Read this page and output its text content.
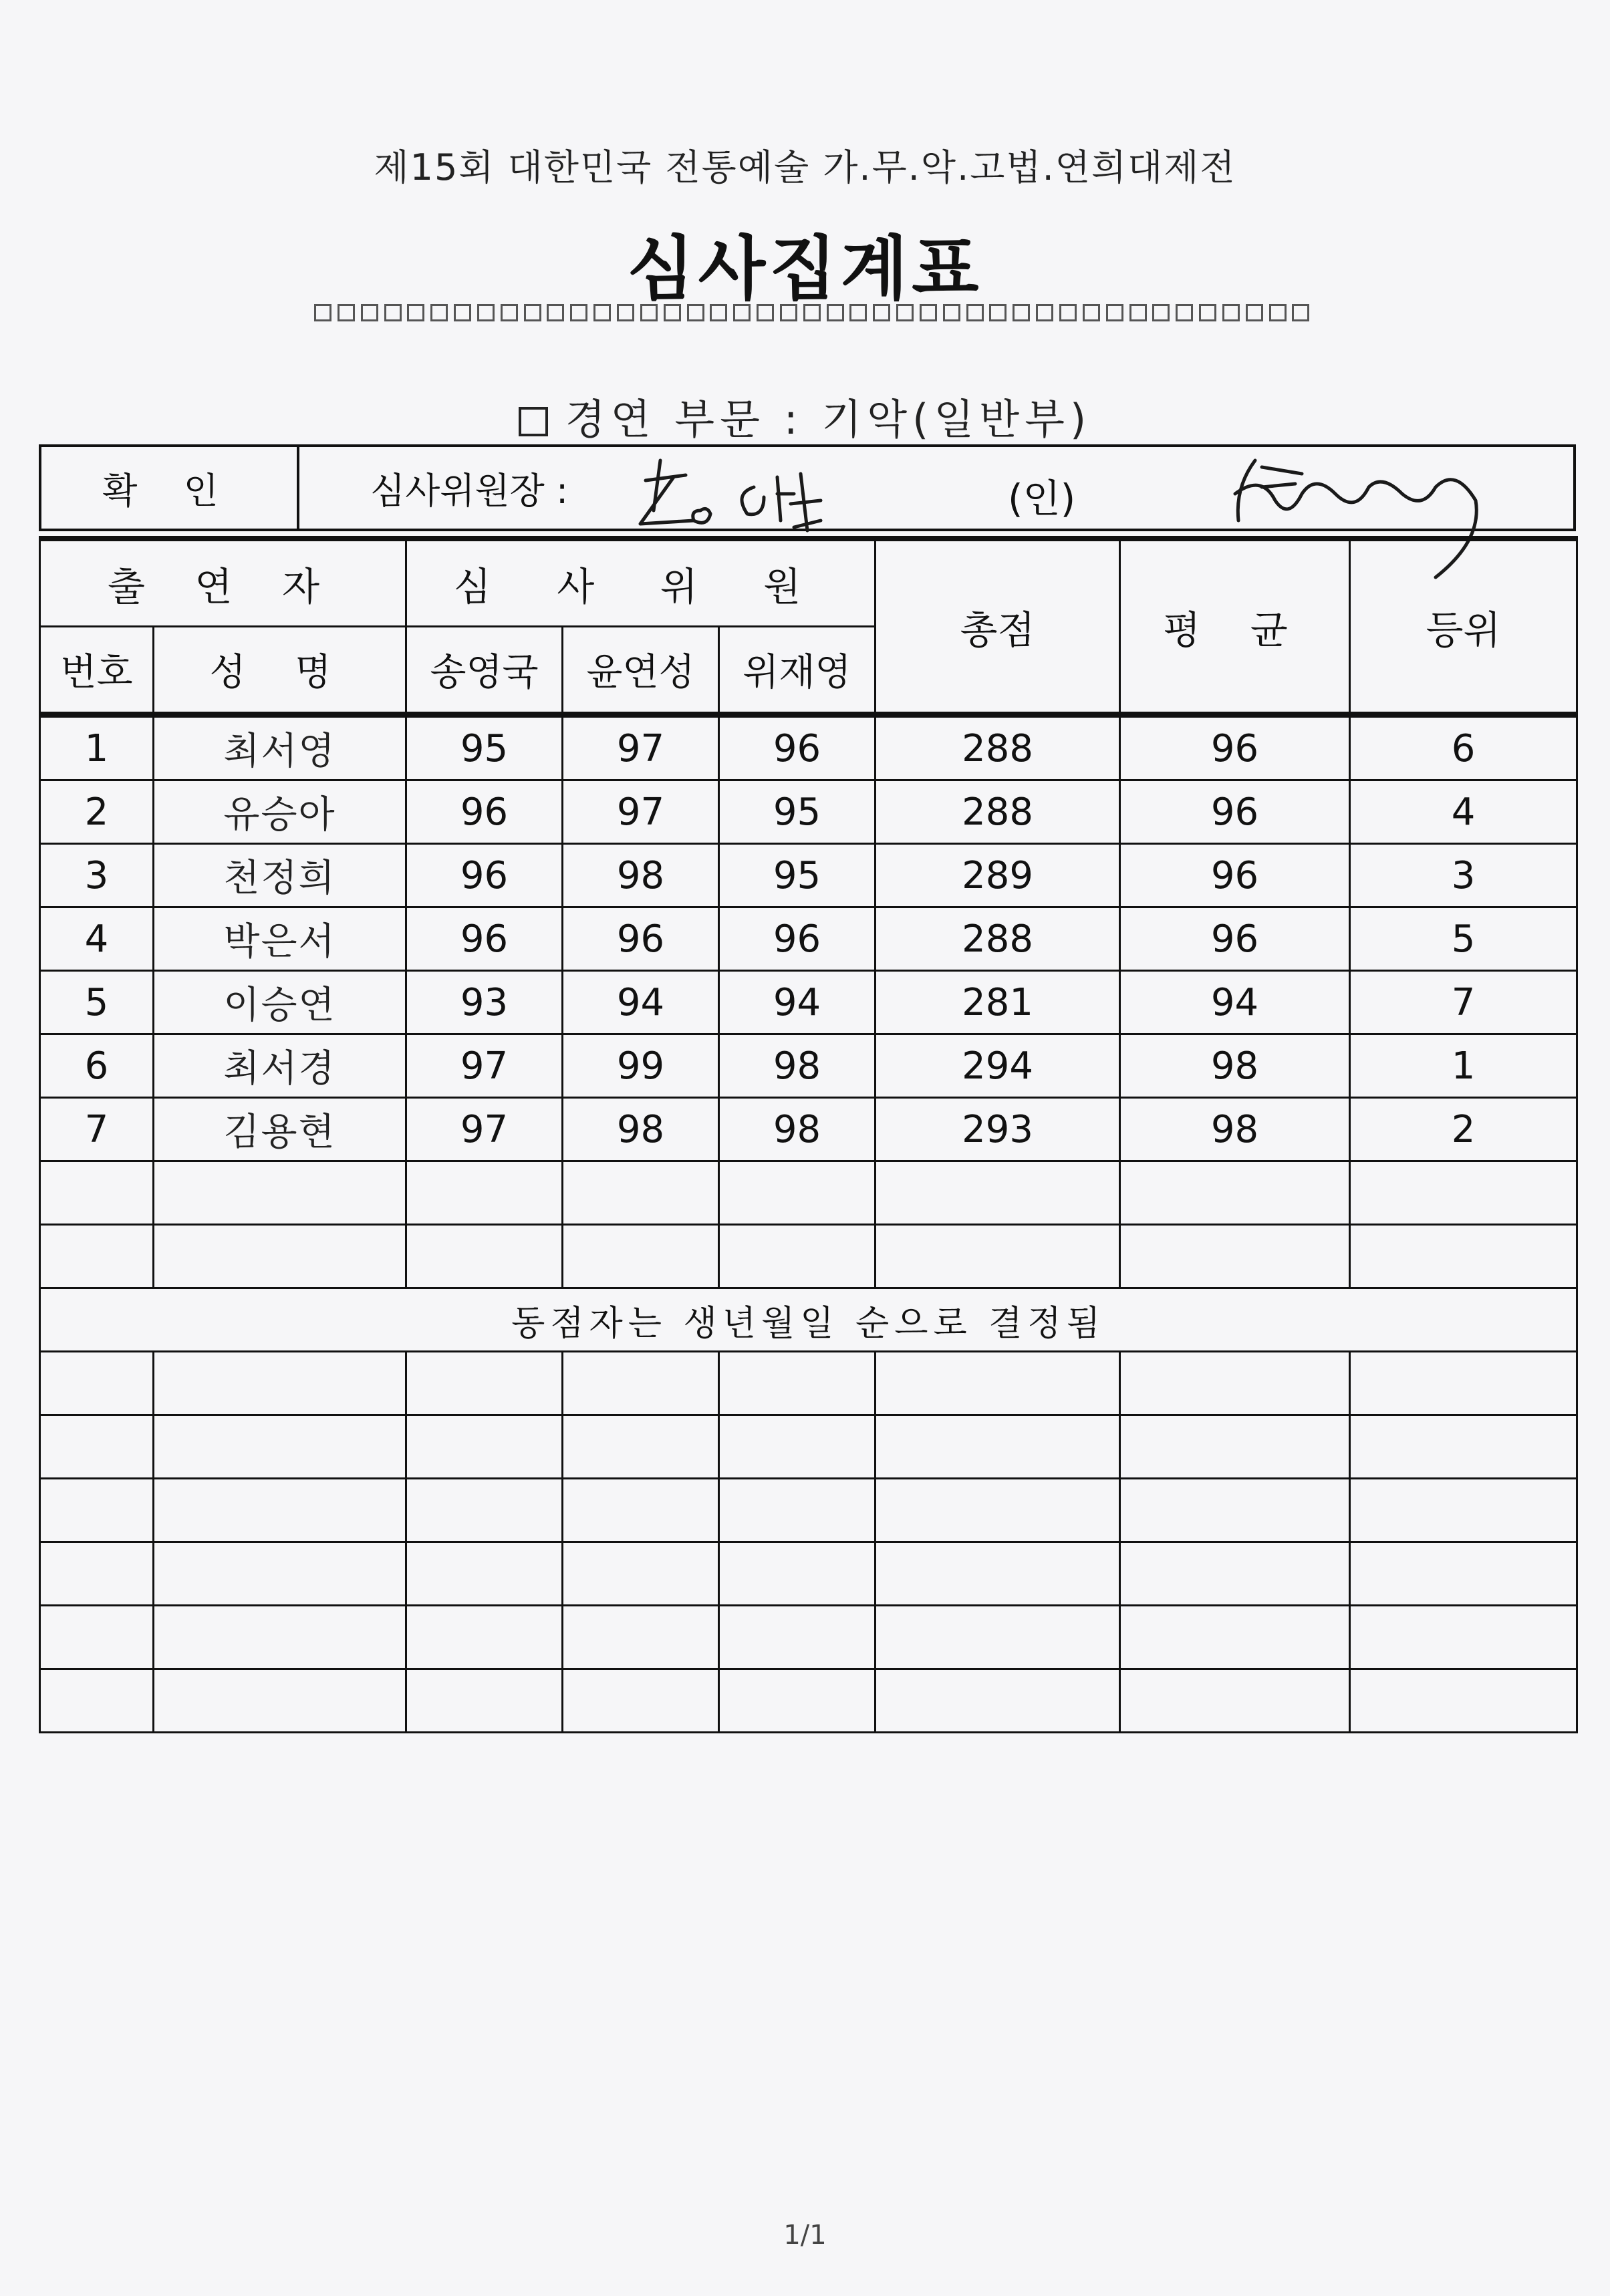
제15회 대한민국 전통예술 가.무.악.고법.연희대제전
심사집계표
경연 부문 : 기악(일반부)
확 인	심사위원장 :	(인)
출 연 자		심 사 위 원			총점	평 균	등위
번호	성 명	송영국	윤연성	위재영			
1	최서영	95	97	96	288	96	6
2	유승아	96	97	95	288	96	4
3	천정희	96	98	95	289	96	3
4	박은서	96	96	96	288	96	5
5	이승연	93	94	94	281	94	7
6	최서경	97	99	98	294	98	1
7	김용현	97	98	98	293	98	2

동점자는 생년월일 순으로 결정됨							

1/1
